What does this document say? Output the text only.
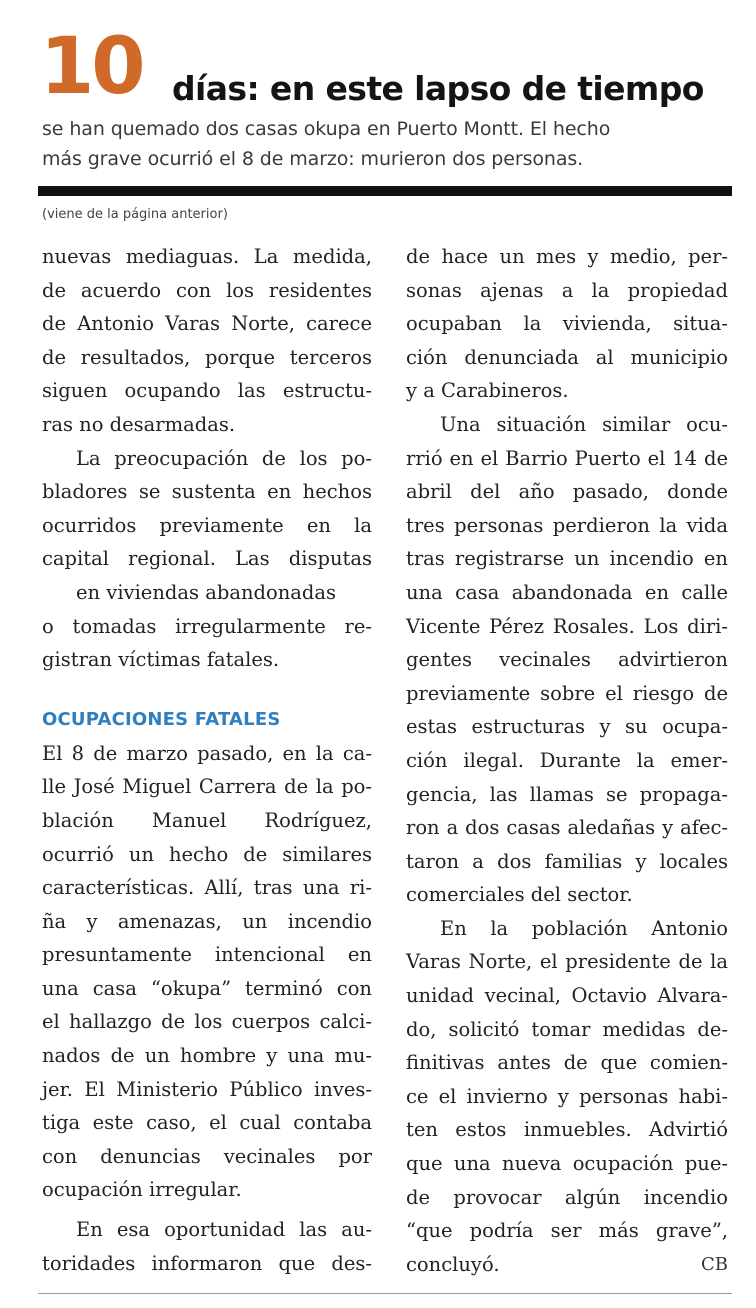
10 días: en este lapso de tiempo
se han quemado dos casas okupa en Puerto Montt. El hecho
más grave ocurrió el 8 de marzo: murieron dos personas.
(viene de la página anterior)
nuevas mediaguas. La medida,
de acuerdo con los residentes
de Antonio Varas Norte, carece
de resultados, porque terceros
siguen ocupando las estructu-
ras no desarmadas.
La preocupación de los po-
bladores se sustenta en hechos
ocurridos previamente en la
capital regional. Las disputas
en viviendas abandonadas
o tomadas irregularmente re-
gistran víctimas fatales.
OCUPACIONES FATALES
El 8 de marzo pasado, en la ca-
lle José Miguel Carrera de la po-
blación Manuel Rodríguez,
ocurrió un hecho de similares
características. Allí, tras una ri-
ña y amenazas, un incendio
presuntamente intencional en
una casa “okupa” terminó con
el hallazgo de los cuerpos calci-
nados de un hombre y una mu-
jer. El Ministerio Público inves-
tiga este caso, el cual contaba
con denuncias vecinales por
ocupación irregular.
En esa oportunidad las au-
toridades informaron que des-
de hace un mes y medio, per-
sonas ajenas a la propiedad
ocupaban la vivienda, situa-
ción denunciada al municipio
y a Carabineros.
Una situación similar ocu-
rrió en el Barrio Puerto el 14 de
abril del año pasado, donde
tres personas perdieron la vida
tras registrarse un incendio en
una casa abandonada en calle
Vicente Pérez Rosales. Los diri-
gentes vecinales advirtieron
previamente sobre el riesgo de
estas estructuras y su ocupa-
ción ilegal. Durante la emer-
gencia, las llamas se propaga-
ron a dos casas aledañas y afec-
taron a dos familias y locales
comerciales del sector.
En la población Antonio
Varas Norte, el presidente de la
unidad vecinal, Octavio Alvara-
do, solicitó tomar medidas de-
finitivas antes de que comien-
ce el invierno y personas habi-
ten estos inmuebles. Advirtió
que una nueva ocupación pue-
de provocar algún incendio
“que podría ser más grave”,
concluyó.	CB
